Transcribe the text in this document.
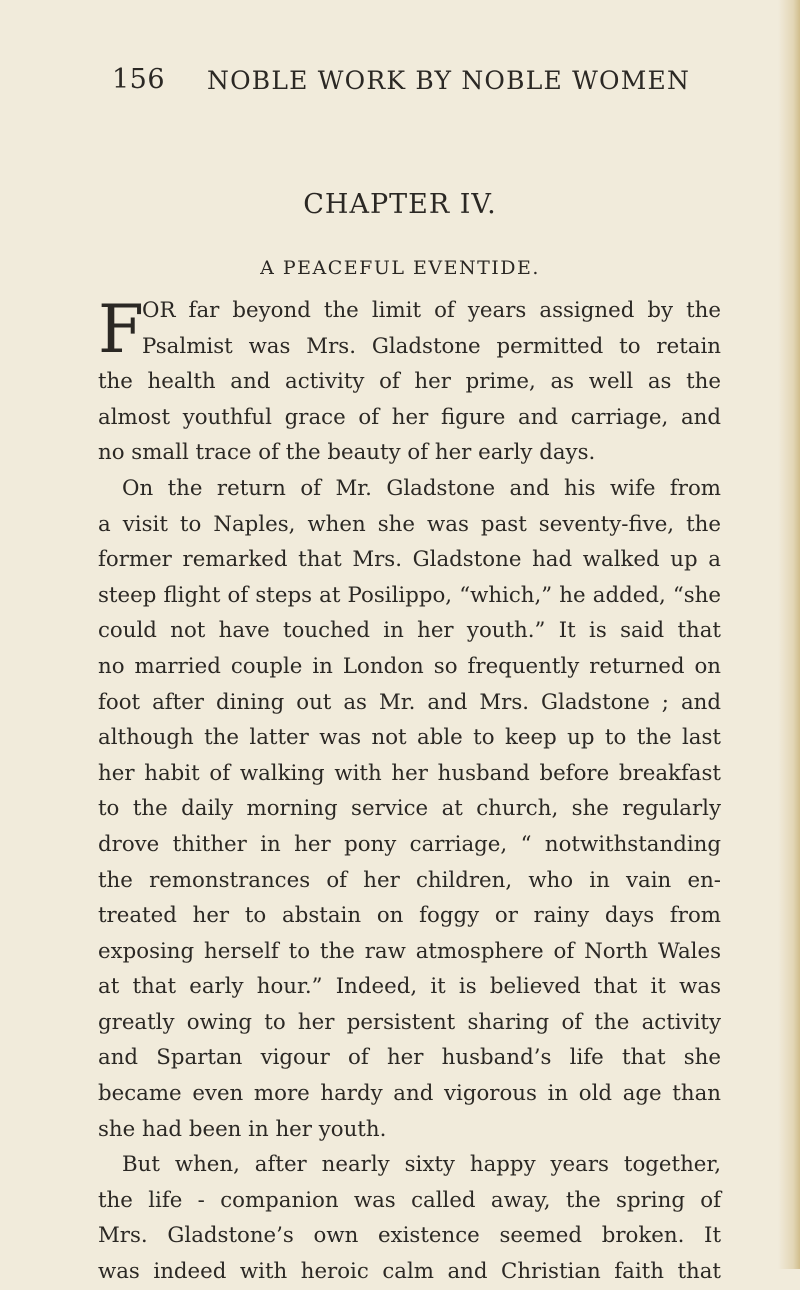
156 NOBLE WORK BY NOBLE WOMEN
CHAPTER IV.
A PEACEFUL EVENTIDE.
F
OR far beyond the limit of years assigned by the
Psalmist was Mrs. Gladstone permitted to retain
the health and activity of her prime, as well as the
almost youthful grace of her figure and carriage, and
no small trace of the beauty of her early days.
On the return of Mr. Gladstone and his wife from
a visit to Naples, when she was past seventy-five, the
former remarked that Mrs. Gladstone had walked up a
steep flight of steps at Posilippo, “which,” he added, “she
could not have touched in her youth.” It is said that
no married couple in London so frequently returned on
foot after dining out as Mr. and Mrs. Gladstone ; and
although the latter was not able to keep up to the last
her habit of walking with her husband before breakfast
to the daily morning service at church, she regularly
drove thither in her pony carriage, “ notwithstanding
the remonstrances of her children, who in vain en-
treated her to abstain on foggy or rainy days from
exposing herself to the raw atmosphere of North Wales
at that early hour.” Indeed, it is believed that it was
greatly owing to her persistent sharing of the activity
and Spartan vigour of her husband’s life that she
became even more hardy and vigorous in old age than
she had been in her youth.
But when, after nearly sixty happy years together,
the life - companion was called away, the spring of
Mrs. Gladstone’s own existence seemed broken. It
was indeed with heroic calm and Christian faith that
